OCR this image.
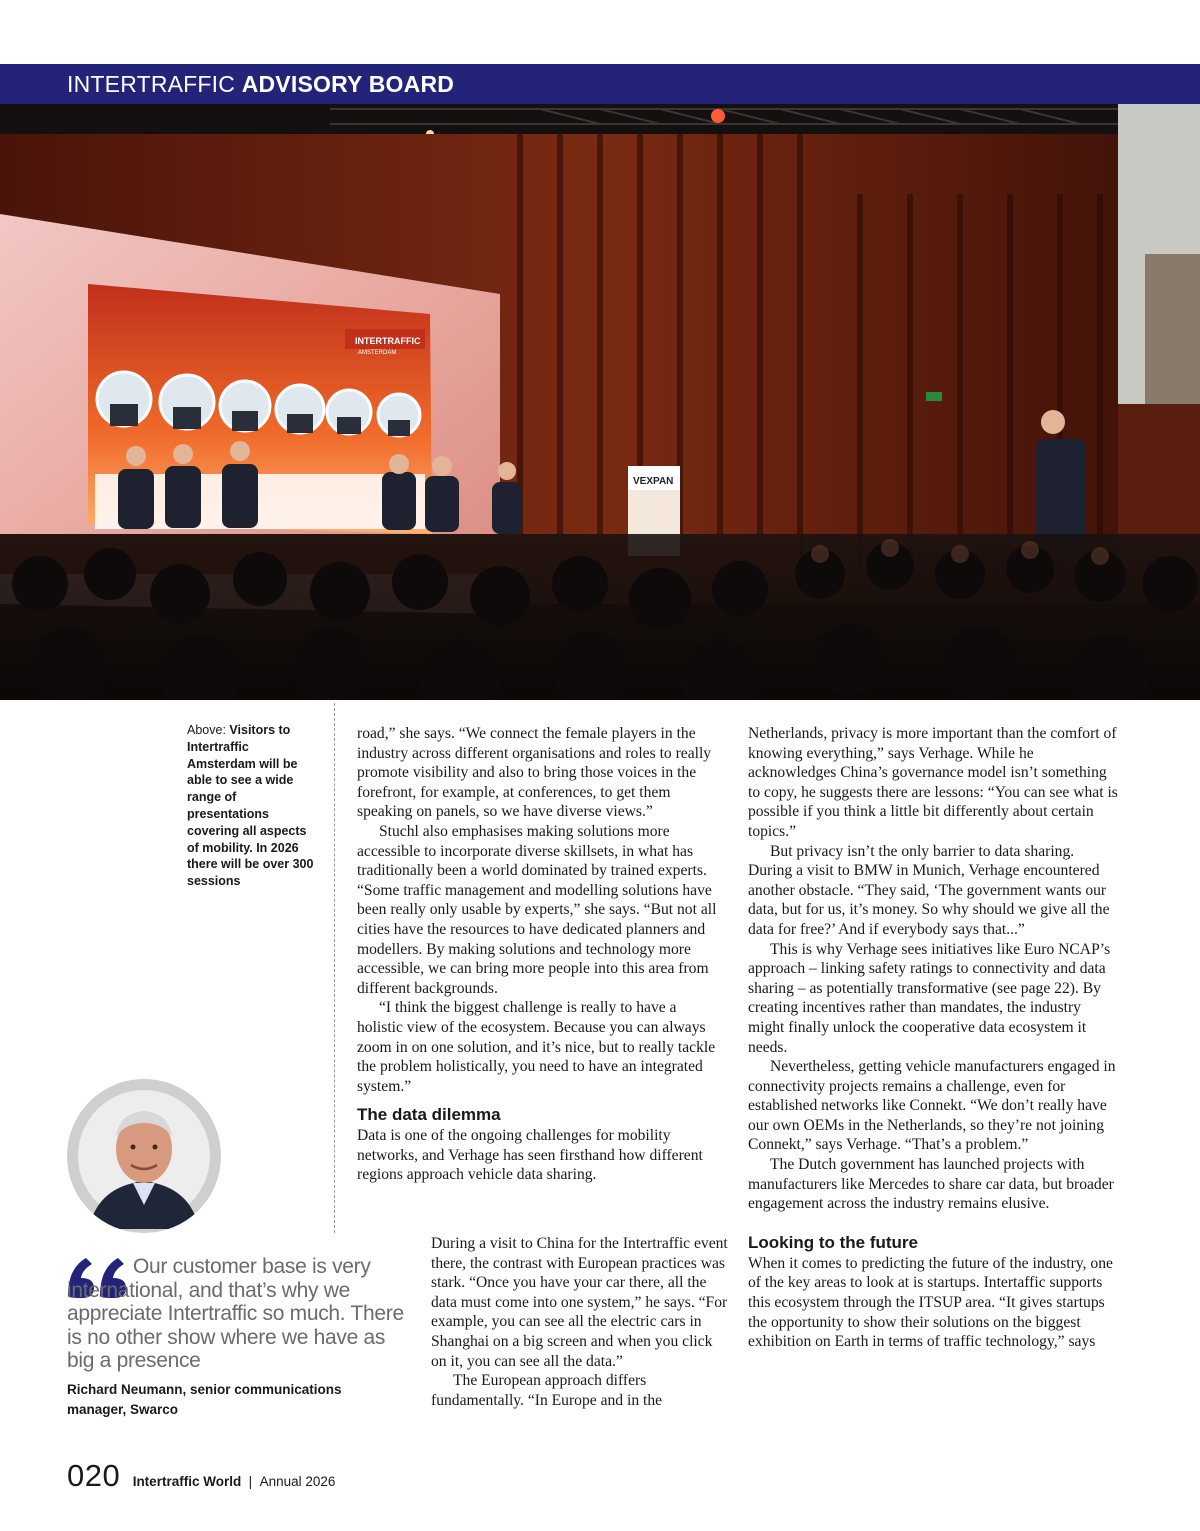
INTERTRAFFIC ADVISORY BOARD
INTERTRAFFIC
AMSTERDAM
VEXPAN
Above: Visitors to Intertraffic Amsterdam will be able to see a wide range of presentations covering all aspects of mobility. In 2026 there will be over 300 sessions

road,” she says. “We connect the female players in the industry across different organisations and roles to really promote visibility and also to bring those voices in the forefront, for example, at conferences, to get them speaking on panels, so we have diverse views.”

Stuchl also emphasises making solutions more accessible to incorporate diverse skillsets, in what has traditionally been a world dominated by trained experts. “Some traffic management and modelling solutions have been really only usable by experts,” she says. “But not all cities have the resources to have dedicated planners and modellers. By making solutions and technology more accessible, we can bring more people into this area from different backgrounds.

“I think the biggest challenge is really to have a holistic view of the ecosystem. Because you can always zoom in on one solution, and it’s nice, but to really tackle the problem holistically, you need to have an integrated system.”

The data dilemma

Data is one of the ongoing challenges for mobility networks, and Verhage has seen firsthand how different regions approach vehicle data sharing.

During a visit to China for the Intertraffic event there, the contrast with European practices was stark. “Once you have your car there, all the data must come into one system,” he says. “For example, you can see all the electric cars in Shanghai on a big screen and when you click on it, you can see all the data.”

The European approach differs fundamentally. “In Europe and in the

Netherlands, privacy is more important than the comfort of knowing everything,” says Verhage. While he acknowledges China’s governance model isn’t something to copy, he suggests there are lessons: “You can see what is possible if you think a little bit differently about certain topics.”

But privacy isn’t the only barrier to data sharing. During a visit to BMW in Munich, Verhage encountered another obstacle. “They said, ‘The government wants our data, but for us, it’s money. So why should we give all the data for free?’ And if everybody says that...”

This is why Verhage sees initiatives like Euro NCAP’s approach – linking safety ratings to connectivity and data sharing – as potentially transformative (see page 22). By creating incentives rather than mandates, the industry might finally unlock the cooperative data ecosystem it needs.

Nevertheless, getting vehicle manufacturers engaged in connectivity projects remains a challenge, even for established networks like Connekt. “We don’t really have our own OEMs in the Netherlands, so they’re not joining Connekt,” says Verhage. “That’s a problem.”

The Dutch government has launched projects with manufacturers like Mercedes to share car data, but broader engagement across the industry remains elusive.

Looking to the future

When it comes to predicting the future of the industry, one of the key areas to look at is startups. Intertaffic supports this ecosystem through the ITSUP area. “It gives startups the opportunity to show their solutions on the biggest exhibition on Earth in terms of traffic technology,” says

Our customer base is very
international, and that’s why we appreciate Intertraffic so much. There is no other show where we have as big a presence
Richard Neumann, senior communications manager, Swarco
020 Intertraffic World | Annual 2026
